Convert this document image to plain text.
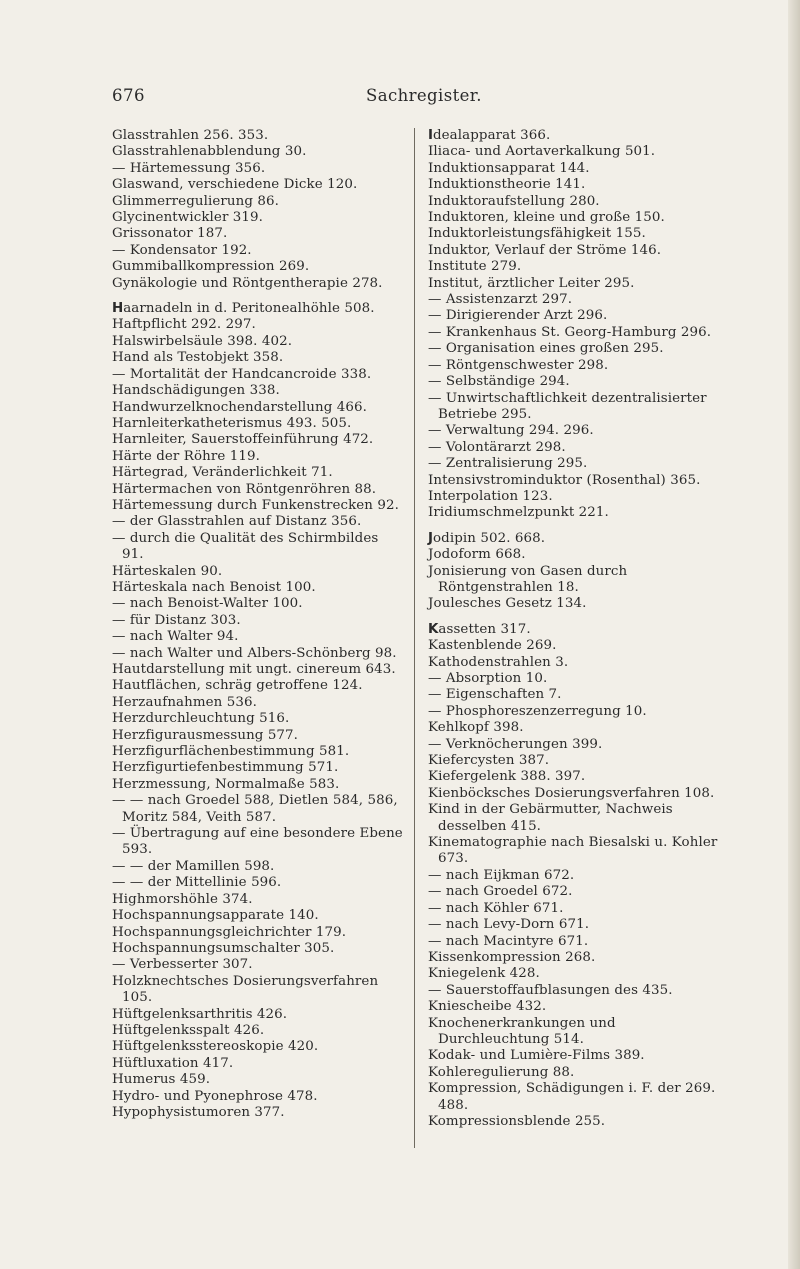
676	Sachregister.

Glasstrahlen 256. 353.

Glasstrahlenabblendung 30.

— Härtemessung 356.

Glaswand, verschiedene Dicke 120.

Glimmerregulierung 86.

Glycinentwickler 319.

Grissonator 187.

— Kondensator 192.

Gummiballkompression 269.

Gynäkologie und Röntgentherapie 278.

Haarnadeln in d. Peritonealhöhle 508.

Haftpflicht 292. 297.

Halswirbelsäule 398. 402.

Hand als Testobjekt 358.

— Mortalität der Handcancroide 338.

Handschädigungen 338.

Handwurzelknochendarstellung 466.

Harnleiterkatheterismus 493. 505.

Harnleiter, Sauerstoffeinführung 472.

Härte der Röhre 119.

Härtegrad, Veränderlichkeit 71.

Härtermachen von Röntgenröhren 88.

Härtemessung durch Funkenstrecken 92.

— der Glasstrahlen auf Distanz 356.

— durch die Qualität des Schirmbildes 91.

Härteskalen 90.

Härteskala nach Benoist 100.

— nach Benoist-Walter 100.

— für Distanz 303.

— nach Walter 94.

— nach Walter und Albers-Schönberg 98.

Hautdarstellung mit ungt. cinereum 643.

Hautflächen, schräg getroffene 124.

Herzaufnahmen 536.

Herzdurchleuchtung 516.

Herzfigurausmessung 577.

Herzfigurflächenbestimmung 581.

Herzfigurtiefenbestimmung 571.

Herzmessung, Normalmaße 583.

— — nach Groedel 588, Dietlen 584, 586, Moritz 584, Veith 587.

— Übertragung auf eine besondere Ebene 593.

— — der Mamillen 598.

— — der Mittellinie 596.

Highmorshöhle 374.

Hochspannungsapparate 140.

Hochspannungsgleichrichter 179.

Hochspannungsumschalter 305.

— Verbesserter 307.

Holzknechtsches Dosierungsverfahren 105.

Hüftgelenksarthritis 426.

Hüftgelenksspalt 426.

Hüftgelenksstereoskopie 420.

Hüftluxation 417.

Humerus 459.

Hydro- und Pyonephrose 478.

Hypophysistumoren 377.

Idealapparat 366.

Iliaca- und Aortaverkalkung 501.

Induktionsapparat 144.

Induktionstheorie 141.

Induktoraufstellung 280.

Induktoren, kleine und große 150.

Induktorleistungsfähigkeit 155.

Induktor, Verlauf der Ströme 146.

Institute 279.

Institut, ärztlicher Leiter 295.

— Assistenzarzt 297.

— Dirigierender Arzt 296.

— Krankenhaus St. Georg-Hamburg 296.

— Organisation eines großen 295.

— Röntgenschwester 298.

— Selbständige 294.

— Unwirtschaftlichkeit dezentralisierter Betriebe 295.

— Verwaltung 294. 296.

— Volontärarzt 298.

— Zentralisierung 295.

Intensivstrominduktor (Rosenthal) 365.

Interpolation 123.

Iridiumschmelzpunkt 221.

Jodipin 502. 668.

Jodoform 668.

Jonisierung von Gasen durch Röntgenstrahlen 18.

Joulesches Gesetz 134.

Kassetten 317.

Kastenblende 269.

Kathodenstrahlen 3.

— Absorption 10.

— Eigenschaften 7.

— Phosphoreszenzerregung 10.

Kehlkopf 398.

— Verknöcherungen 399.

Kiefercysten 387.

Kiefergelenk 388. 397.

Kienböcksches Dosierungsverfahren 108.

Kind in der Gebärmutter, Nachweis desselben 415.

Kinematographie nach Biesalski u. Kohler 673.

— nach Eijkman 672.

— nach Groedel 672.

— nach Köhler 671.

— nach Levy-Dorn 671.

— nach Macintyre 671.

Kissenkompression 268.

Kniegelenk 428.

— Sauerstoffaufblasungen des 435.

Kniescheibe 432.

Knochenerkrankungen und Durchleuchtung 514.

Kodak- und Lumière-Films 389.

Kohleregulierung 88.

Kompression, Schädigungen i. F. der 269. 488.

Kompressionsblende 255.
